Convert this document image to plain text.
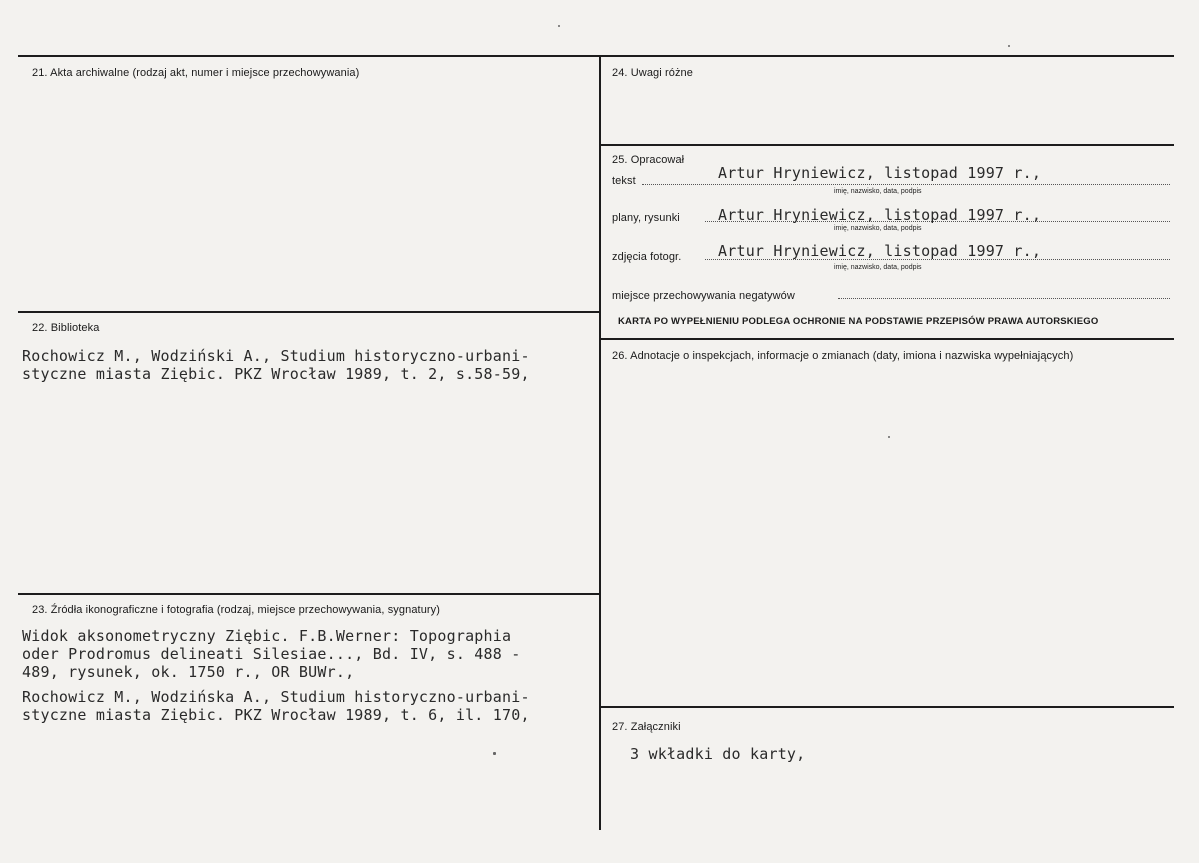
21. Akta archiwalne (rodzaj akt, numer i miejsce przechowywania)
22. Biblioteka
Rochowicz M., Wodziński A., Studium historyczno-urbani-
styczne miasta Ziębic. PKZ Wrocław 1989, t. 2, s.58-59,
23. Źródła ikonograficzne i fotografia (rodzaj, miejsce przechowywania, sygnatury)
Widok aksonometryczny Ziębic. F.B.Werner: Topographia
oder Prodromus delineati Silesiae..., Bd. IV, s. 488 -
489, rysunek, ok. 1750 r., OR BUWr.,
Rochowicz M., Wodzińska A., Studium historyczno-urbani-
styczne miasta Ziębic. PKZ Wrocław 1989, t. 6, il. 170,
24. Uwagi różne
25. Opracował
tekst	Artur Hryniewicz, listopad 1997 r.,
imię, nazwisko, data, podpis
plany, rysunki	Artur Hryniewicz, listopad 1997 r.,
imię, nazwisko, data, podpis
zdjęcia fotogr. Artur Hryniewicz, listopad 1997 r.,
imię, nazwisko, data, podpis
miejsce przechowywania negatywów
KARTA PO WYPEŁNIENIU PODLEGA OCHRONIE NA PODSTAWIE PRZEPISÓW PRAWA AUTORSKIEGO
26. Adnotacje o inspekcjach, informacje o zmianach (daty, imiona i nazwiska wypełniających)
27. Załączniki
3 wkładki do karty,
